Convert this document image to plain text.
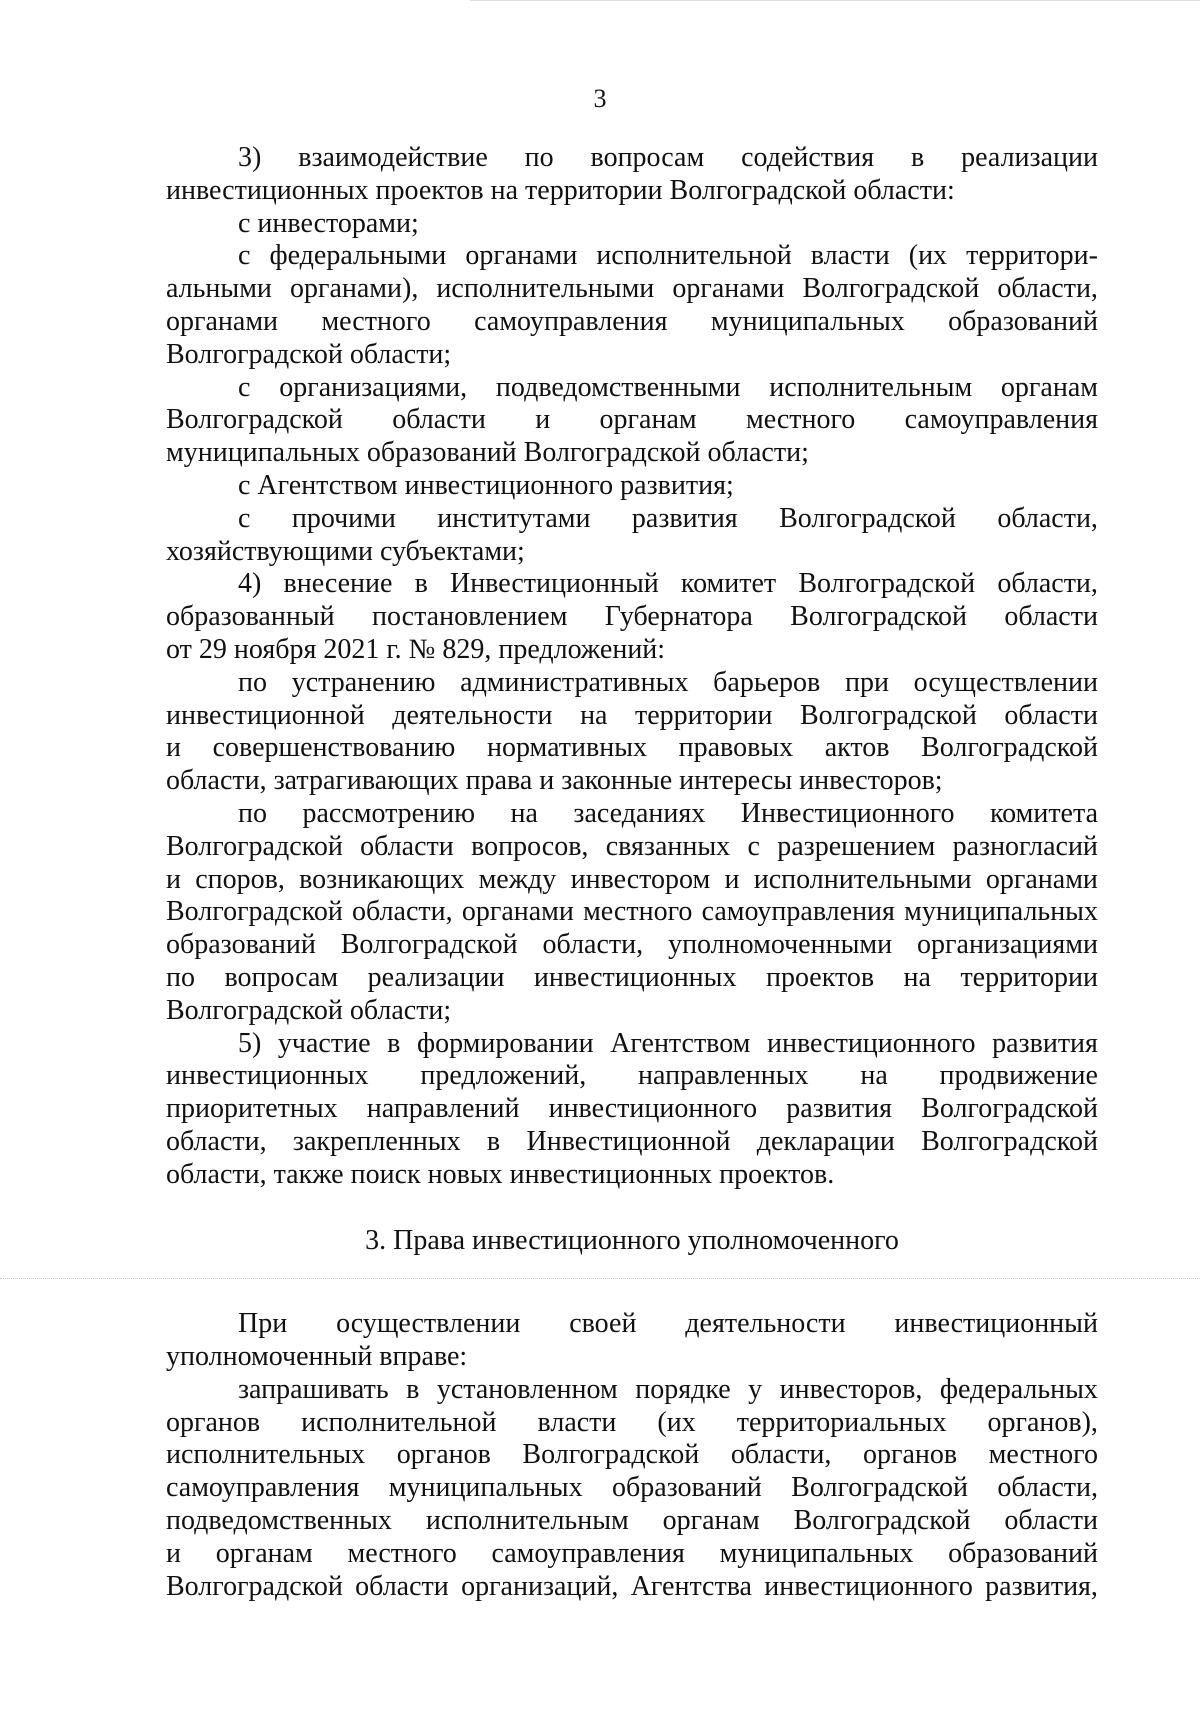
3
3) взаимодействие по вопросам содействия в реализации
инвестиционных проектов на территории Волгоградской области:
с инвесторами;
с федеральными органами исполнительной власти (их территори-
альными органами), исполнительными органами Волгоградской области,
органами местного самоуправления муниципальных образований
Волгоградской области;
с организациями, подведомственными исполнительным органам
Волгоградской области и органам местного самоуправления
муниципальных образований Волгоградской области;
с Агентством инвестиционного развития;
с прочими институтами развития Волгоградской области,
хозяйствующими субъектами;
4) внесение в Инвестиционный комитет Волгоградской области,
образованный постановлением Губернатора Волгоградской области
от 29 ноября 2021 г. № 829, предложений:
по устранению административных барьеров при осуществлении
инвестиционной деятельности на территории Волгоградской области
и совершенствованию нормативных правовых актов Волгоградской
области, затрагивающих права и законные интересы инвесторов;
по рассмотрению на заседаниях Инвестиционного комитета
Волгоградской области вопросов, связанных с разрешением разногласий
и споров, возникающих между инвестором и исполнительными органами
Волгоградской области, органами местного самоуправления муниципальных
образований Волгоградской области, уполномоченными организациями
по вопросам реализации инвестиционных проектов на территории
Волгоградской области;
5) участие в формировании Агентством инвестиционного развития
инвестиционных предложений, направленных на продвижение
приоритетных направлений инвестиционного развития Волгоградской
области, закрепленных в Инвестиционной декларации Волгоградской
области, также поиск новых инвестиционных проектов.
3. Права инвестиционного уполномоченного
При осуществлении своей деятельности инвестиционный
уполномоченный вправе:
запрашивать в установленном порядке у инвесторов, федеральных
органов исполнительной власти (их территориальных органов),
исполнительных органов Волгоградской области, органов местного
самоуправления муниципальных образований Волгоградской области,
подведомственных исполнительным органам Волгоградской области
и органам местного самоуправления муниципальных образований
Волгоградской области организаций, Агентства инвестиционного развития,
